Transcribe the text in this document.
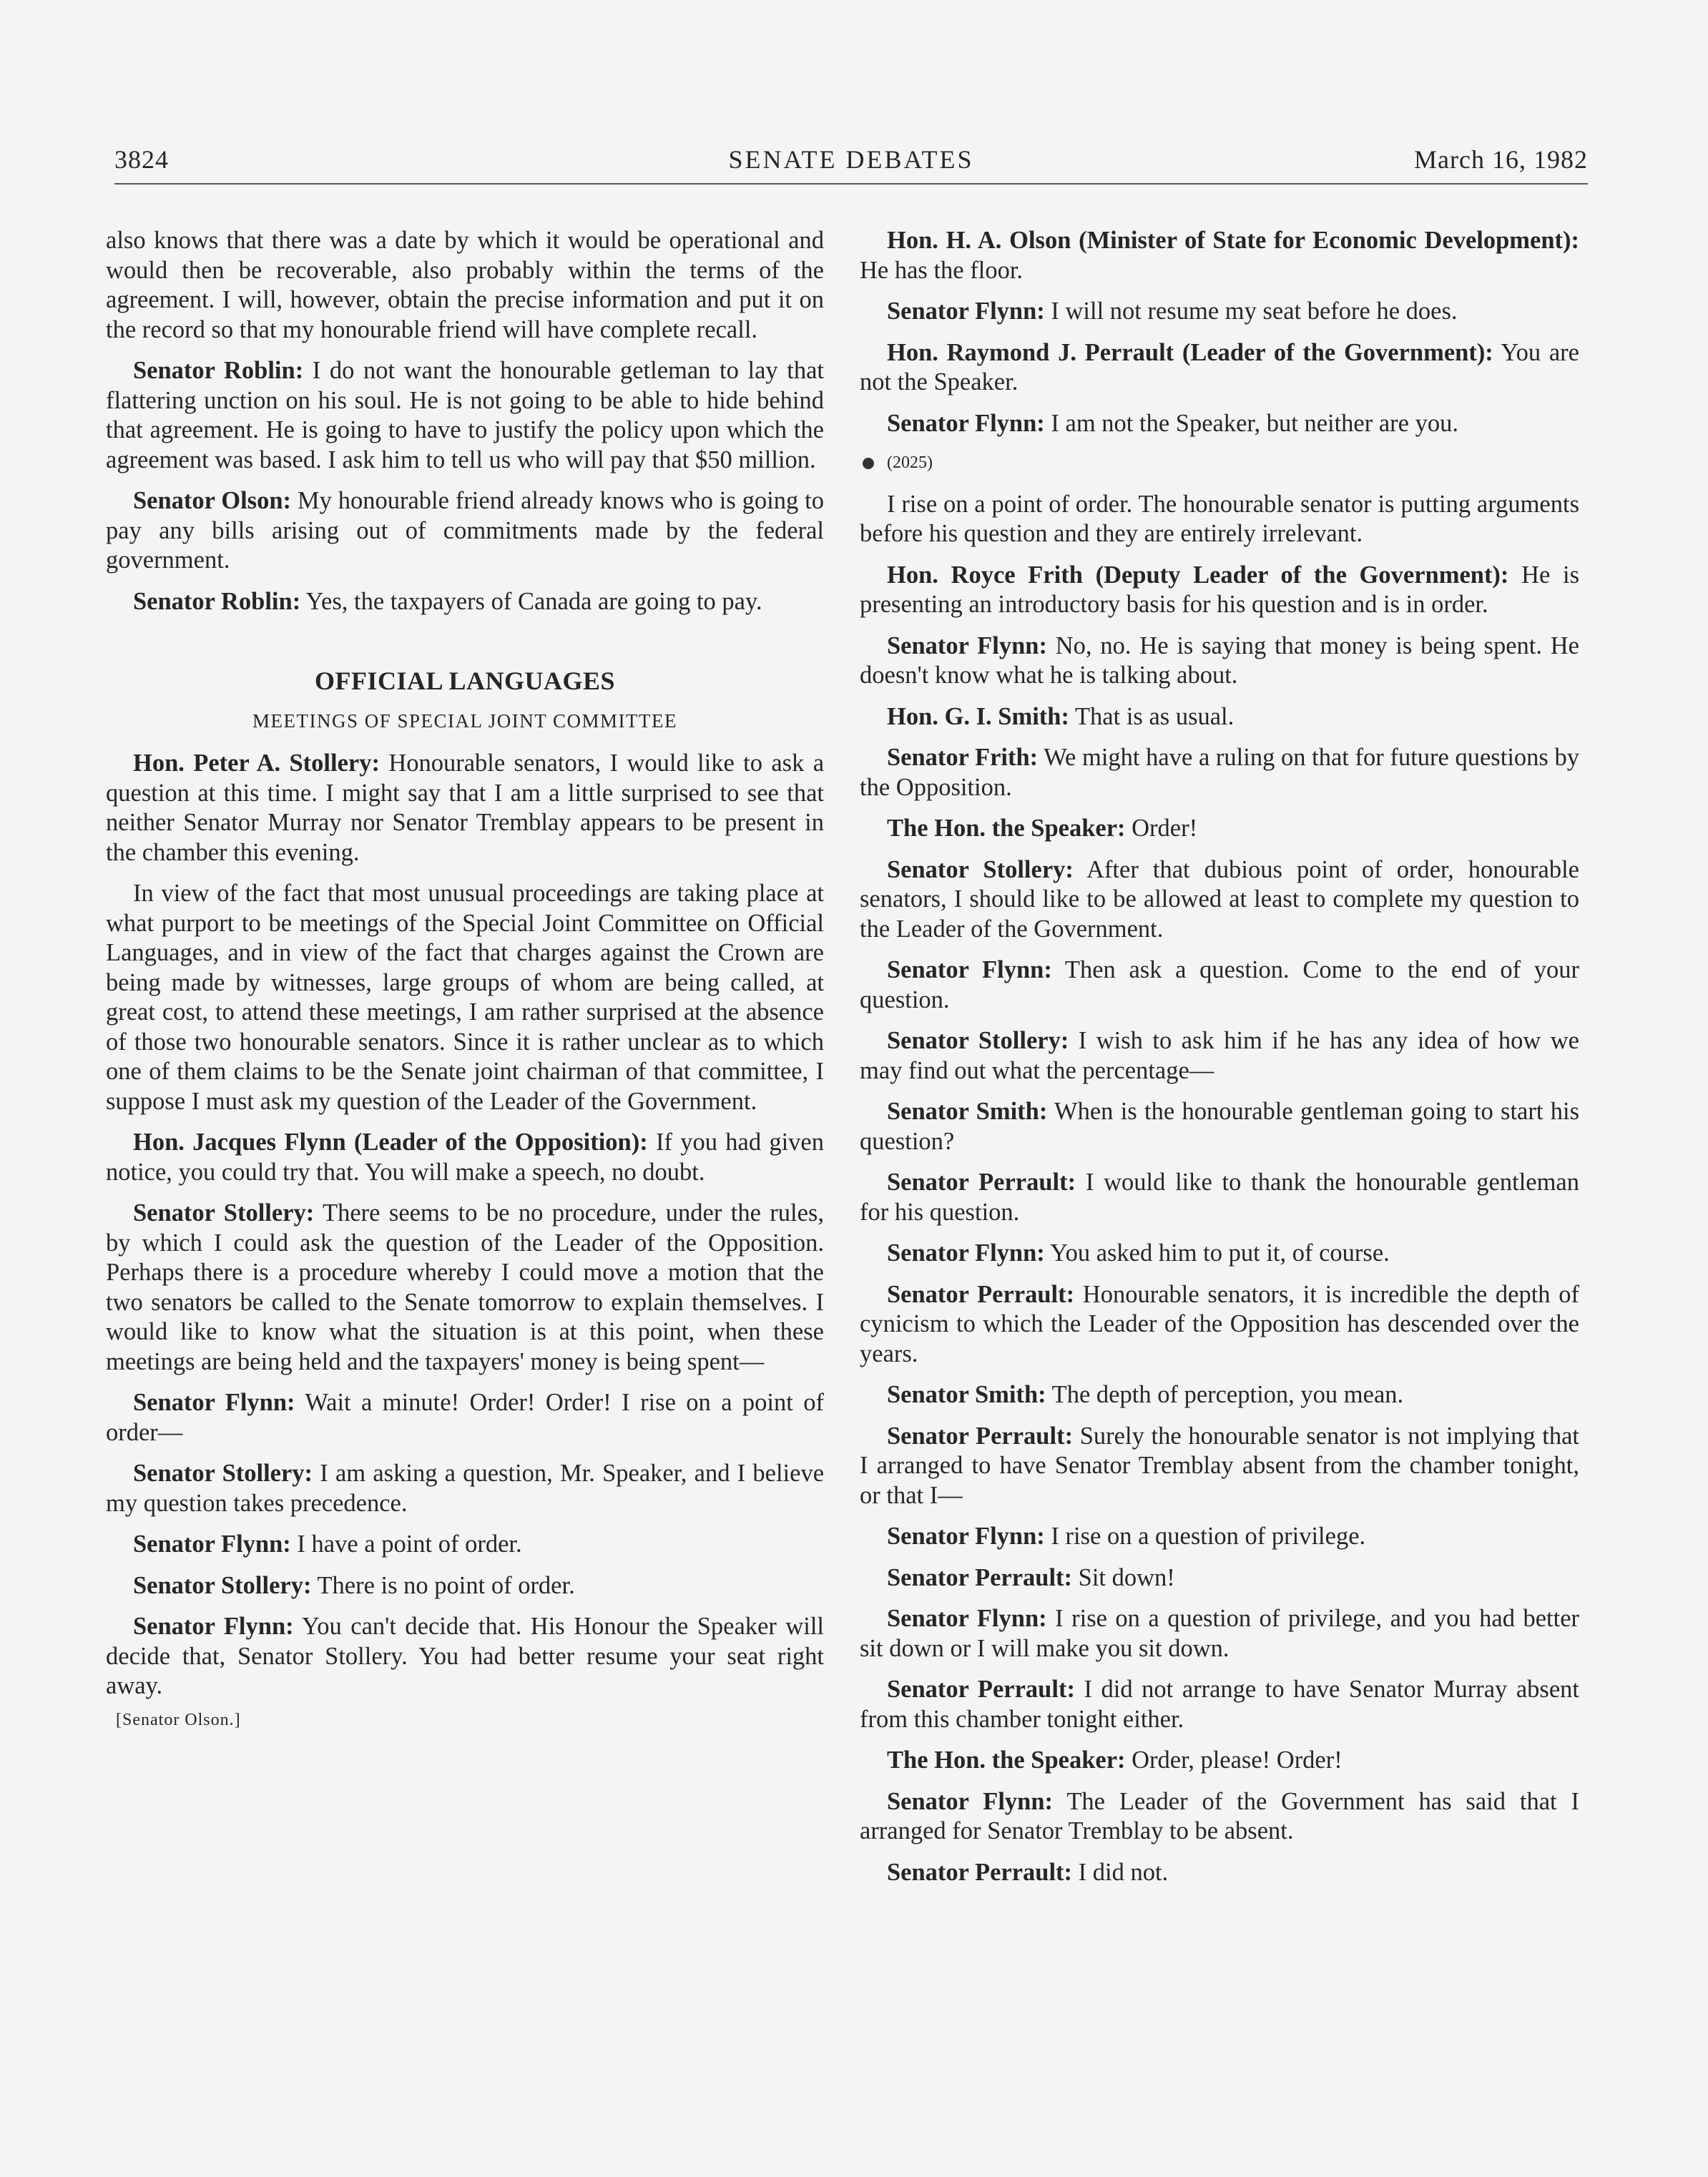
3824	SENATE DEBATES	March 16, 1982

also knows that there was a date by which it would be operational and would then be recoverable, also probably within the terms of the agreement. I will, however, obtain the precise information and put it on the record so that my honourable friend will have complete recall.

Senator Roblin: I do not want the honourable getleman to lay that flattering unction on his soul. He is not going to be able to hide behind that agreement. He is going to have to justify the policy upon which the agreement was based. I ask him to tell us who will pay that $50 million.

Senator Olson: My honourable friend already knows who is going to pay any bills arising out of commitments made by the federal government.

Senator Roblin: Yes, the taxpayers of Canada are going to pay.

OFFICIAL LANGUAGES
MEETINGS OF SPECIAL JOINT COMMITTEE

Hon. Peter A. Stollery: Honourable senators, I would like to ask a question at this time. I might say that I am a little surprised to see that neither Senator Murray nor Senator Tremblay appears to be present in the chamber this evening.

In view of the fact that most unusual proceedings are taking place at what purport to be meetings of the Special Joint Committee on Official Languages, and in view of the fact that charges against the Crown are being made by witnesses, large groups of whom are being called, at great cost, to attend these meetings, I am rather surprised at the absence of those two honourable senators. Since it is rather unclear as to which one of them claims to be the Senate joint chairman of that committee, I suppose I must ask my question of the Leader of the Government.

Hon. Jacques Flynn (Leader of the Opposition): If you had given notice, you could try that. You will make a speech, no doubt.

Senator Stollery: There seems to be no procedure, under the rules, by which I could ask the question of the Leader of the Opposition. Perhaps there is a procedure whereby I could move a motion that the two senators be called to the Senate tomorrow to explain themselves. I would like to know what the situation is at this point, when these meetings are being held and the taxpayers' money is being spent—

Senator Flynn: Wait a minute! Order! Order! I rise on a point of order—

Senator Stollery: I am asking a question, Mr. Speaker, and I believe my question takes precedence.

Senator Flynn: I have a point of order.

Senator Stollery: There is no point of order.

Senator Flynn: You can't decide that. His Honour the Speaker will decide that, Senator Stollery. You had better resume your seat right away.

[Senator Olson.]

Hon. H. A. Olson (Minister of State for Economic Development): He has the floor.

Senator Flynn: I will not resume my seat before he does.

Hon. Raymond J. Perrault (Leader of the Government): You are not the Speaker.

Senator Flynn: I am not the Speaker, but neither are you.

(2025)

I rise on a point of order. The honourable senator is putting arguments before his question and they are entirely irrelevant.

Hon. Royce Frith (Deputy Leader of the Government): He is presenting an introductory basis for his question and is in order.

Senator Flynn: No, no. He is saying that money is being spent. He doesn't know what he is talking about.

Hon. G. I. Smith: That is as usual.

Senator Frith: We might have a ruling on that for future questions by the Opposition.

The Hon. the Speaker: Order!

Senator Stollery: After that dubious point of order, honourable senators, I should like to be allowed at least to complete my question to the Leader of the Government.

Senator Flynn: Then ask a question. Come to the end of your question.

Senator Stollery: I wish to ask him if he has any idea of how we may find out what the percentage—

Senator Smith: When is the honourable gentleman going to start his question?

Senator Perrault: I would like to thank the honourable gentleman for his question.

Senator Flynn: You asked him to put it, of course.

Senator Perrault: Honourable senators, it is incredible the depth of cynicism to which the Leader of the Opposition has descended over the years.

Senator Smith: The depth of perception, you mean.

Senator Perrault: Surely the honourable senator is not implying that I arranged to have Senator Tremblay absent from the chamber tonight, or that I—

Senator Flynn: I rise on a question of privilege.

Senator Perrault: Sit down!

Senator Flynn: I rise on a question of privilege, and you had better sit down or I will make you sit down.

Senator Perrault: I did not arrange to have Senator Murray absent from this chamber tonight either.

The Hon. the Speaker: Order, please! Order!

Senator Flynn: The Leader of the Government has said that I arranged for Senator Tremblay to be absent.

Senator Perrault: I did not.
